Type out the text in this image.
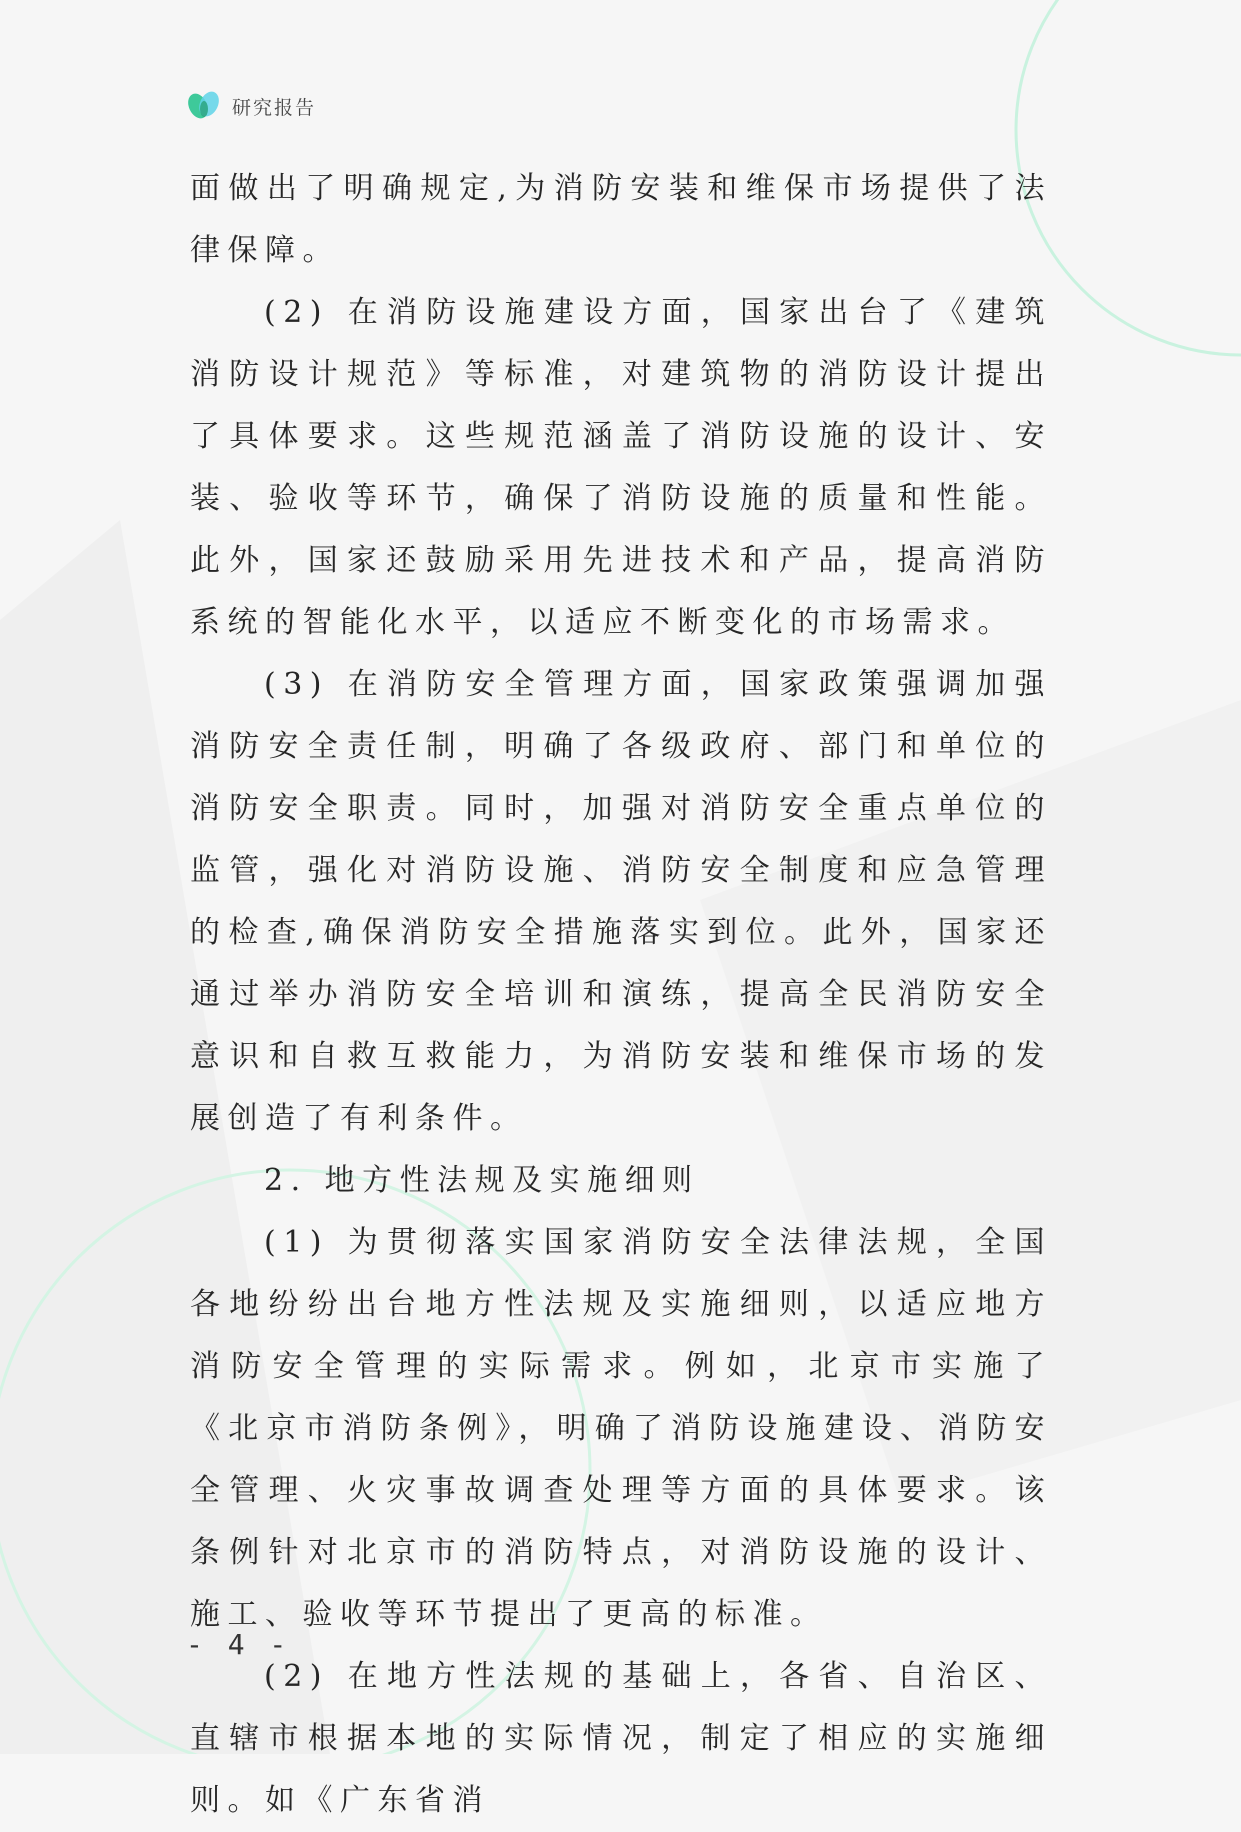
研究报告

面做出了明确规定,为消防安装和维保市场提供了法律保障。

(2) 在消防设施建设方面，国家出台了《建筑消防设计规范》等标准，对建筑物的消防设计提出了具体要求。这些规范涵盖了消防设施的设计、安装、验收等环节，确保了消防设施的质量和性能。此外，国家还鼓励采用先进技术和产品，提高消防系统的智能化水平，以适应不断变化的市场需求。

(3) 在消防安全管理方面，国家政策强调加强消防安全责任制，明确了各级政府、部门和单位的消防安全职责。同时，加强对消防安全重点单位的监管，强化对消防设施、消防安全制度和应急管理的检查,确保消防安全措施落实到位。此外，国家还通过举办消防安全培训和演练，提高全民消防安全意识和自救互救能力，为消防安装和维保市场的发展创造了有利条件。

2. 地方性法规及实施细则

(1) 为贯彻落实国家消防安全法律法规，全国各地纷纷出台地方性法规及实施细则，以适应地方消防安全管理的实际需求。例如，北京市实施了《北京市消防条例》，明确了消防设施建设、消防安全管理、火灾事故调查处理等方面的具体要求。该条例针对北京市的消防特点，对消防设施的设计、施工、验收等环节提出了更高的标准。

(2) 在地方性法规的基础上，各省、自治区、直辖市根据本地的实际情况，制定了相应的实施细则。如《广东省消

- 4 -
